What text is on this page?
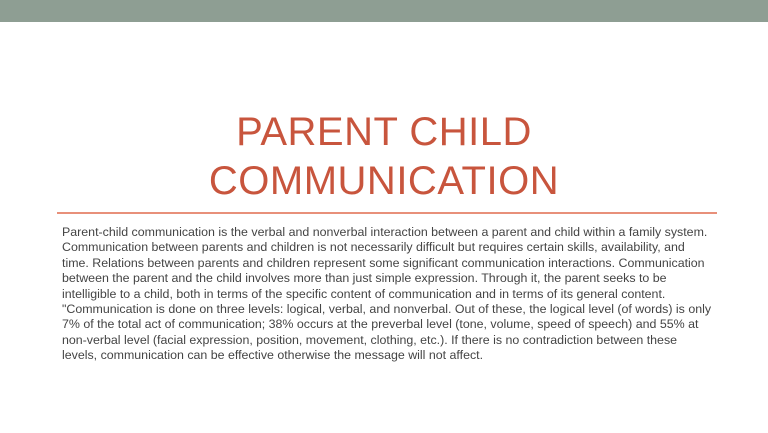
PARENT CHILD
COMMUNICATION

Parent-child communication is the verbal and nonverbal interaction between a parent and child within a family system. Communication between parents and children is not necessarily difficult but requires certain skills, availability, and time. Relations between parents and children represent some significant communication interactions. Communication between the parent and the child involves more than just simple expression. Through it, the parent seeks to be intelligible to a child, both in terms of the specific content of communication and in terms of its general content. "Communication is done on three levels: logical, verbal, and nonverbal. Out of these, the logical level (of words) is only 7% of the total act of communication; 38% occurs at the preverbal level (tone, volume, speed of speech) and 55% at non-verbal level (facial expression, position, movement, clothing, etc.). If there is no contradiction between these levels, communication can be effective otherwise the message will not affect.
